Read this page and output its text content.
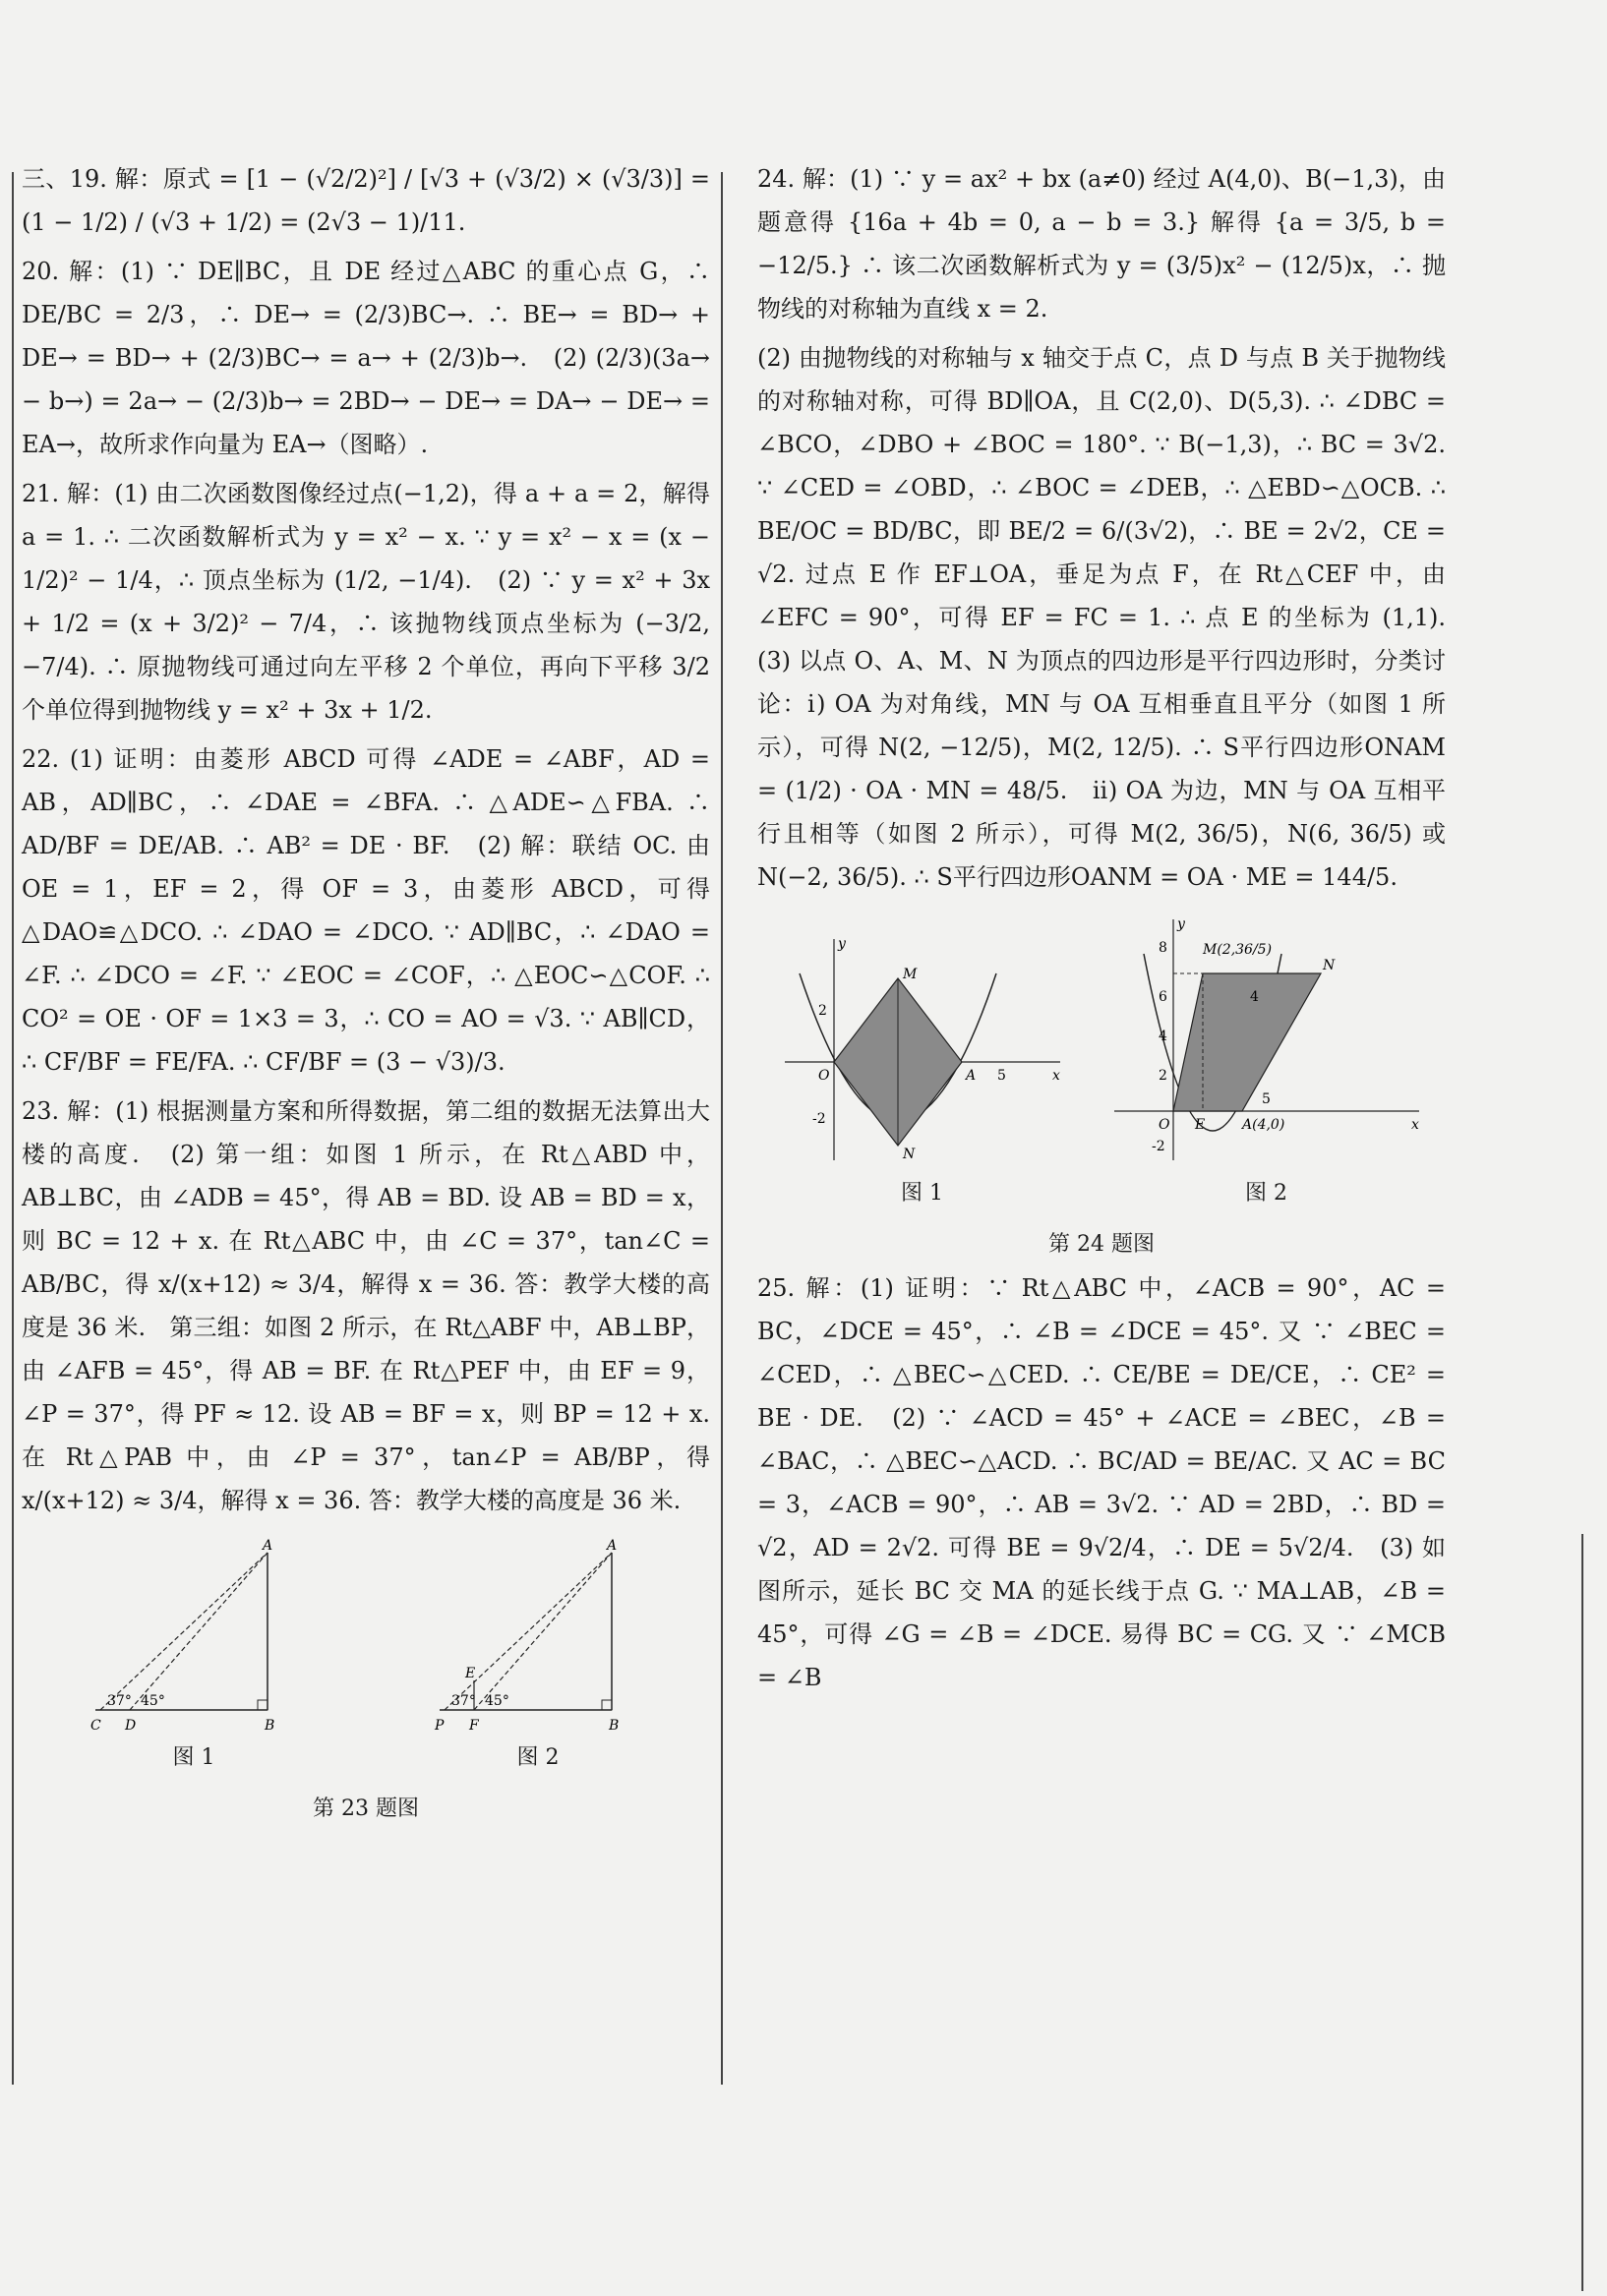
三、19. 解：原式 = [1 − (√2/2)²] / [√3 + (√3/2) × (√3/3)] = (1 − 1/2) / (√3 + 1/2) = (2√3 − 1)/11.

20. 解：(1) ∵ DE∥BC，且 DE 经过△ABC 的重心点 G，∴ DE/BC = 2/3，∴ DE→ = (2/3)BC→. ∴ BE→ = BD→ + DE→ = BD→ + (2/3)BC→ = a→ + (2/3)b→.　(2) (2/3)(3a→ − b→) = 2a→ − (2/3)b→ = 2BD→ − DE→ = DA→ − DE→ = EA→，故所求作向量为 EA→（图略）.

21. 解：(1) 由二次函数图像经过点(−1,2)，得 a + a = 2，解得 a = 1. ∴ 二次函数解析式为 y = x² − x. ∵ y = x² − x = (x − 1/2)² − 1/4，∴ 顶点坐标为 (1/2, −1/4).　(2) ∵ y = x² + 3x + 1/2 = (x + 3/2)² − 7/4，∴ 该抛物线顶点坐标为 (−3/2, −7/4). ∴ 原抛物线可通过向左平移 2 个单位，再向下平移 3/2 个单位得到抛物线 y = x² + 3x + 1/2.

22. (1) 证明：由菱形 ABCD 可得 ∠ADE = ∠ABF，AD = AB，AD∥BC，∴ ∠DAE = ∠BFA. ∴ △ADE∽△FBA. ∴ AD/BF = DE/AB. ∴ AB² = DE · BF.　(2) 解：联结 OC. 由 OE = 1，EF = 2，得 OF = 3，由菱形 ABCD，可得 △DAO≌△DCO. ∴ ∠DAO = ∠DCO. ∵ AD∥BC，∴ ∠DAO = ∠F. ∴ ∠DCO = ∠F. ∵ ∠EOC = ∠COF，∴ △EOC∽△COF. ∴ CO² = OE · OF = 1×3 = 3，∴ CO = AO = √3. ∵ AB∥CD，∴ CF/BF = FE/FA. ∴ CF/BF = (3 − √3)/3.

23. 解：(1) 根据测量方案和所得数据，第二组的数据无法算出大楼的高度.　(2) 第一组：如图 1 所示，在 Rt△ABD 中，AB⊥BC，由 ∠ADB = 45°，得 AB = BD. 设 AB = BD = x，则 BC = 12 + x. 在 Rt△ABC 中，由 ∠C = 37°，tan∠C = AB/BC，得 x/(x+12) ≈ 3/4，解得 x = 36. 答：教学大楼的高度是 36 米.　第三组：如图 2 所示，在 Rt△ABF 中，AB⊥BP，由 ∠AFB = 45°，得 AB = BF. 在 Rt△PEF 中，由 EF = 9，∠P = 37°，得 PF ≈ 12. 设 AB = BF = x，则 BP = 12 + x. 在 Rt△PAB 中，由 ∠P = 37°，tan∠P = AB/BP，得 x/(x+12) ≈ 3/4，解得 x = 36. 答：教学大楼的高度是 36 米.

A
B
C D
37° 45°
图 1
A
B
P F
E
37° 45°
图 2
第 23 题图

24. 解：(1) ∵ y = ax² + bx (a≠0) 经过 A(4,0)、B(−1,3)，由题意得 {16a + 4b = 0, a − b = 3.} 解得 {a = 3/5, b = −12/5.} ∴ 该二次函数解析式为 y = (3/5)x² − (12/5)x，∴ 抛物线的对称轴为直线 x = 2.

(2) 由抛物线的对称轴与 x 轴交于点 C，点 D 与点 B 关于抛物线的对称轴对称，可得 BD∥OA，且 C(2,0)、D(5,3). ∴ ∠DBC = ∠BCO，∠DBO + ∠BOC = 180°. ∵ B(−1,3)，∴ BC = 3√2. ∵ ∠CED = ∠OBD，∴ ∠BOC = ∠DEB，∴ △EBD∽△OCB. ∴ BE/OC = BD/BC，即 BE/2 = 6/(3√2)，∴ BE = 2√2，CE = √2. 过点 E 作 EF⊥OA，垂足为点 F，在 Rt△CEF 中，由 ∠EFC = 90°，可得 EF = FC = 1. ∴ 点 E 的坐标为 (1,1).　(3) 以点 O、A、M、N 为顶点的四边形是平行四边形时，分类讨论：ⅰ) OA 为对角线，MN 与 OA 互相垂直且平分（如图 1 所示），可得 N(2, −12/5)，M(2, 12/5). ∴ S平行四边形ONAM = (1/2) · OA · MN = 48/5.　ⅱ) OA 为边，MN 与 OA 互相平行且相等（如图 2 所示），可得 M(2, 36/5)，N(6, 36/5) 或 N(−2, 36/5). ∴ S平行四边形OANM = OA · ME = 144/5.

y
x
O	A
M
N
2
-2
5
图 1
y
x
O E	A(4,0)
M(2,36/5)
N
8
6
4
2
-2
5
4
图 2
第 24 题图

25. 解：(1) 证明：∵ Rt△ABC 中，∠ACB = 90°，AC = BC，∠DCE = 45°，∴ ∠B = ∠DCE = 45°. 又 ∵ ∠BEC = ∠CED，∴ △BEC∽△CED. ∴ CE/BE = DE/CE，∴ CE² = BE · DE.　(2) ∵ ∠ACD = 45° + ∠ACE = ∠BEC，∠B = ∠BAC，∴ △BEC∽△ACD. ∴ BC/AD = BE/AC. 又 AC = BC = 3，∠ACB = 90°，∴ AB = 3√2. ∵ AD = 2BD，∴ BD = √2，AD = 2√2. 可得 BE = 9√2/4，∴ DE = 5√2/4.　(3) 如图所示，延长 BC 交 MA 的延长线于点 G. ∵ MA⊥AB，∠B = 45°，可得 ∠G = ∠B = ∠DCE. 易得 BC = CG. 又 ∵ ∠MCB = ∠B
